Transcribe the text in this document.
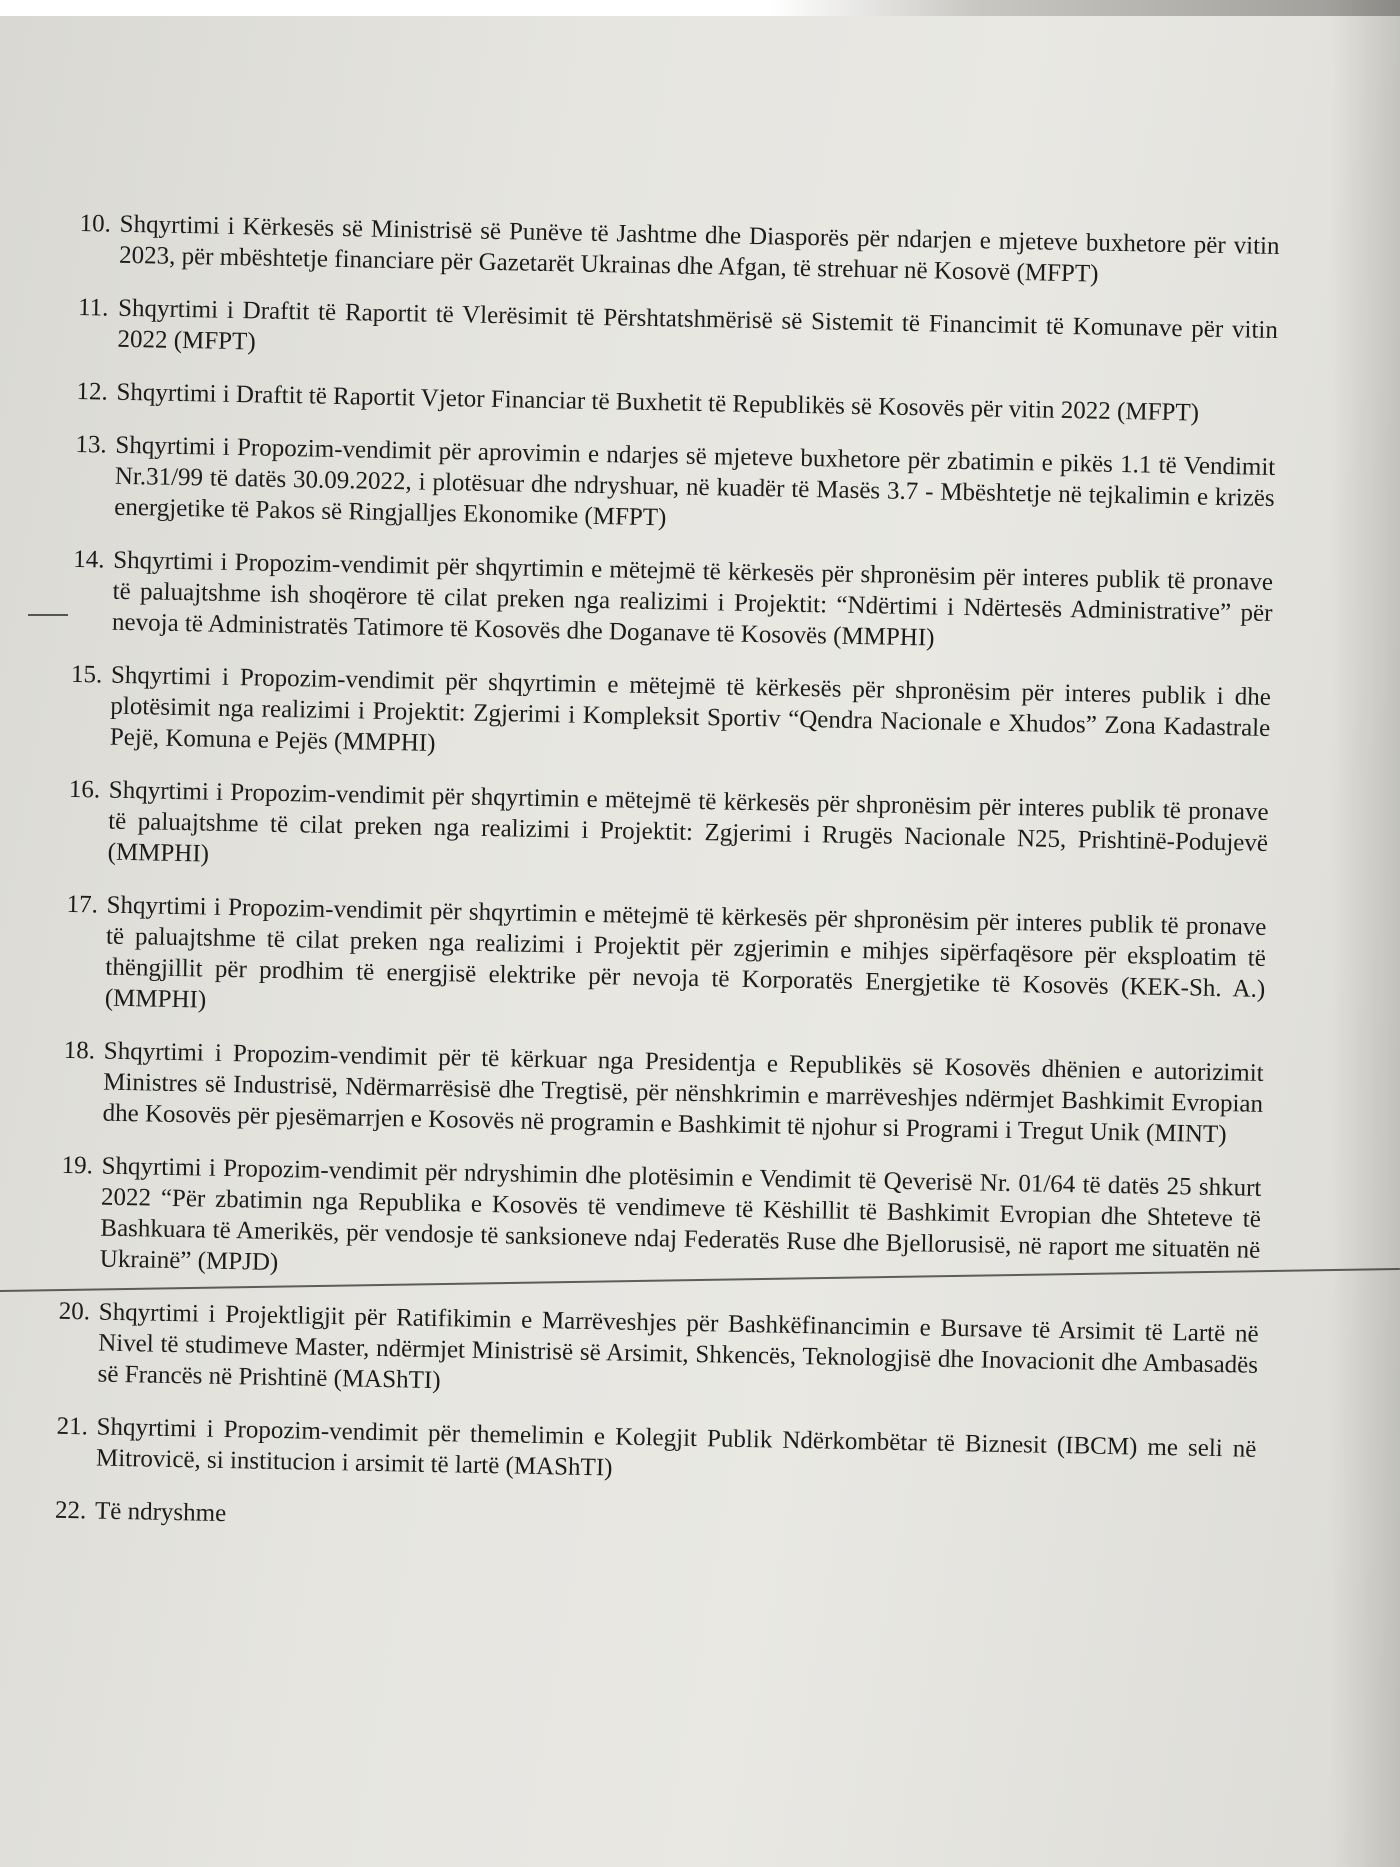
10. Shqyrtimi i Kërkesës së Ministrisë së Punëve të Jashtme dhe Diasporës për ndarjen e mjeteve buxhetore për vitin 2023, për mbështetje financiare për Gazetarët Ukrainas dhe Afgan, të strehuar në Kosovë (MFPT)
11. Shqyrtimi i Draftit të Raportit të Vlerësimit të Përshtatshmërisë së Sistemit të Financimit të Komunave për vitin 2022 (MFPT)
12. Shqyrtimi i Draftit të Raportit Vjetor Financiar të Buxhetit të Republikës së Kosovës për vitin 2022 (MFPT)
13. Shqyrtimi i Propozim-vendimit për aprovimin e ndarjes së mjeteve buxhetore për zbatimin e pikës 1.1 të Vendimit Nr.31/99 të datës 30.09.2022, i plotësuar dhe ndryshuar, në kuadër të Masës 3.7 - Mbështetje në tejkalimin e krizës energjetike të Pakos së Ringjalljes Ekonomike (MFPT)
14. Shqyrtimi i Propozim-vendimit për shqyrtimin e mëtejmë të kërkesës për shpronësim për interes publik të pronave të paluajtshme ish shoqërore të cilat preken nga realizimi i Projektit: “Ndërtimi i Ndërtesës Administrative” për nevoja të Administratës Tatimore të Kosovës dhe Doganave të Kosovës (MMPHI)
15. Shqyrtimi i Propozim-vendimit për shqyrtimin e mëtejmë të kërkesës për shpronësim për interes publik i dhe plotësimit nga realizimi i Projektit: Zgjerimi i Kompleksit Sportiv “Qendra Nacionale e Xhudos” Zona Kadastrale Pejë, Komuna e Pejës (MMPHI)
16. Shqyrtimi i Propozim-vendimit për shqyrtimin e mëtejmë të kërkesës për shpronësim për interes publik të pronave të paluajtshme të cilat preken nga realizimi i Projektit: Zgjerimi i Rrugës Nacionale N25, Prishtinë-Podujevë (MMPHI)
17. Shqyrtimi i Propozim-vendimit për shqyrtimin e mëtejmë të kërkesës për shpronësim për interes publik të pronave të paluajtshme të cilat preken nga realizimi i Projektit për zgjerimin e mihjes sipërfaqësore për eksploatim të thëngjillit për prodhim të energjisë elektrike për nevoja të Korporatës Energjetike të Kosovës (KEK-Sh. A.) (MMPHI)
18. Shqyrtimi i Propozim-vendimit për të kërkuar nga Presidentja e Republikës së Kosovës dhënien e autorizimit Ministres së Industrisë, Ndërmarrësisë dhe Tregtisë, për nënshkrimin e marrëveshjes ndërmjet Bashkimit Evropian dhe Kosovës për pjesëmarrjen e Kosovës në programin e Bashkimit të njohur si Programi i Tregut Unik (MINT)
19. Shqyrtimi i Propozim-vendimit për ndryshimin dhe plotësimin e Vendimit të Qeverisë Nr. 01/64 të datës 25 shkurt 2022 “Për zbatimin nga Republika e Kosovës të vendimeve të Këshillit të Bashkimit Evropian dhe Shteteve të Bashkuara të Amerikës, për vendosje të sanksioneve ndaj Federatës Ruse dhe Bjellorusisë, në raport me situatën në Ukrainë” (MPJD)
20. Shqyrtimi i Projektligjit për Ratifikimin e Marrëveshjes për Bashkëfinancimin e Bursave të Arsimit të Lartë në Nivel të studimeve Master, ndërmjet Ministrisë së Arsimit, Shkencës, Teknologjisë dhe Inovacionit dhe Ambasadës së Francës në Prishtinë (MAShTI)
21. Shqyrtimi i Propozim-vendimit për themelimin e Kolegjit Publik Ndërkombëtar të Biznesit (IBCM) me seli në Mitrovicë, si institucion i arsimit të lartë (MAShTI)
22. Të ndryshme
